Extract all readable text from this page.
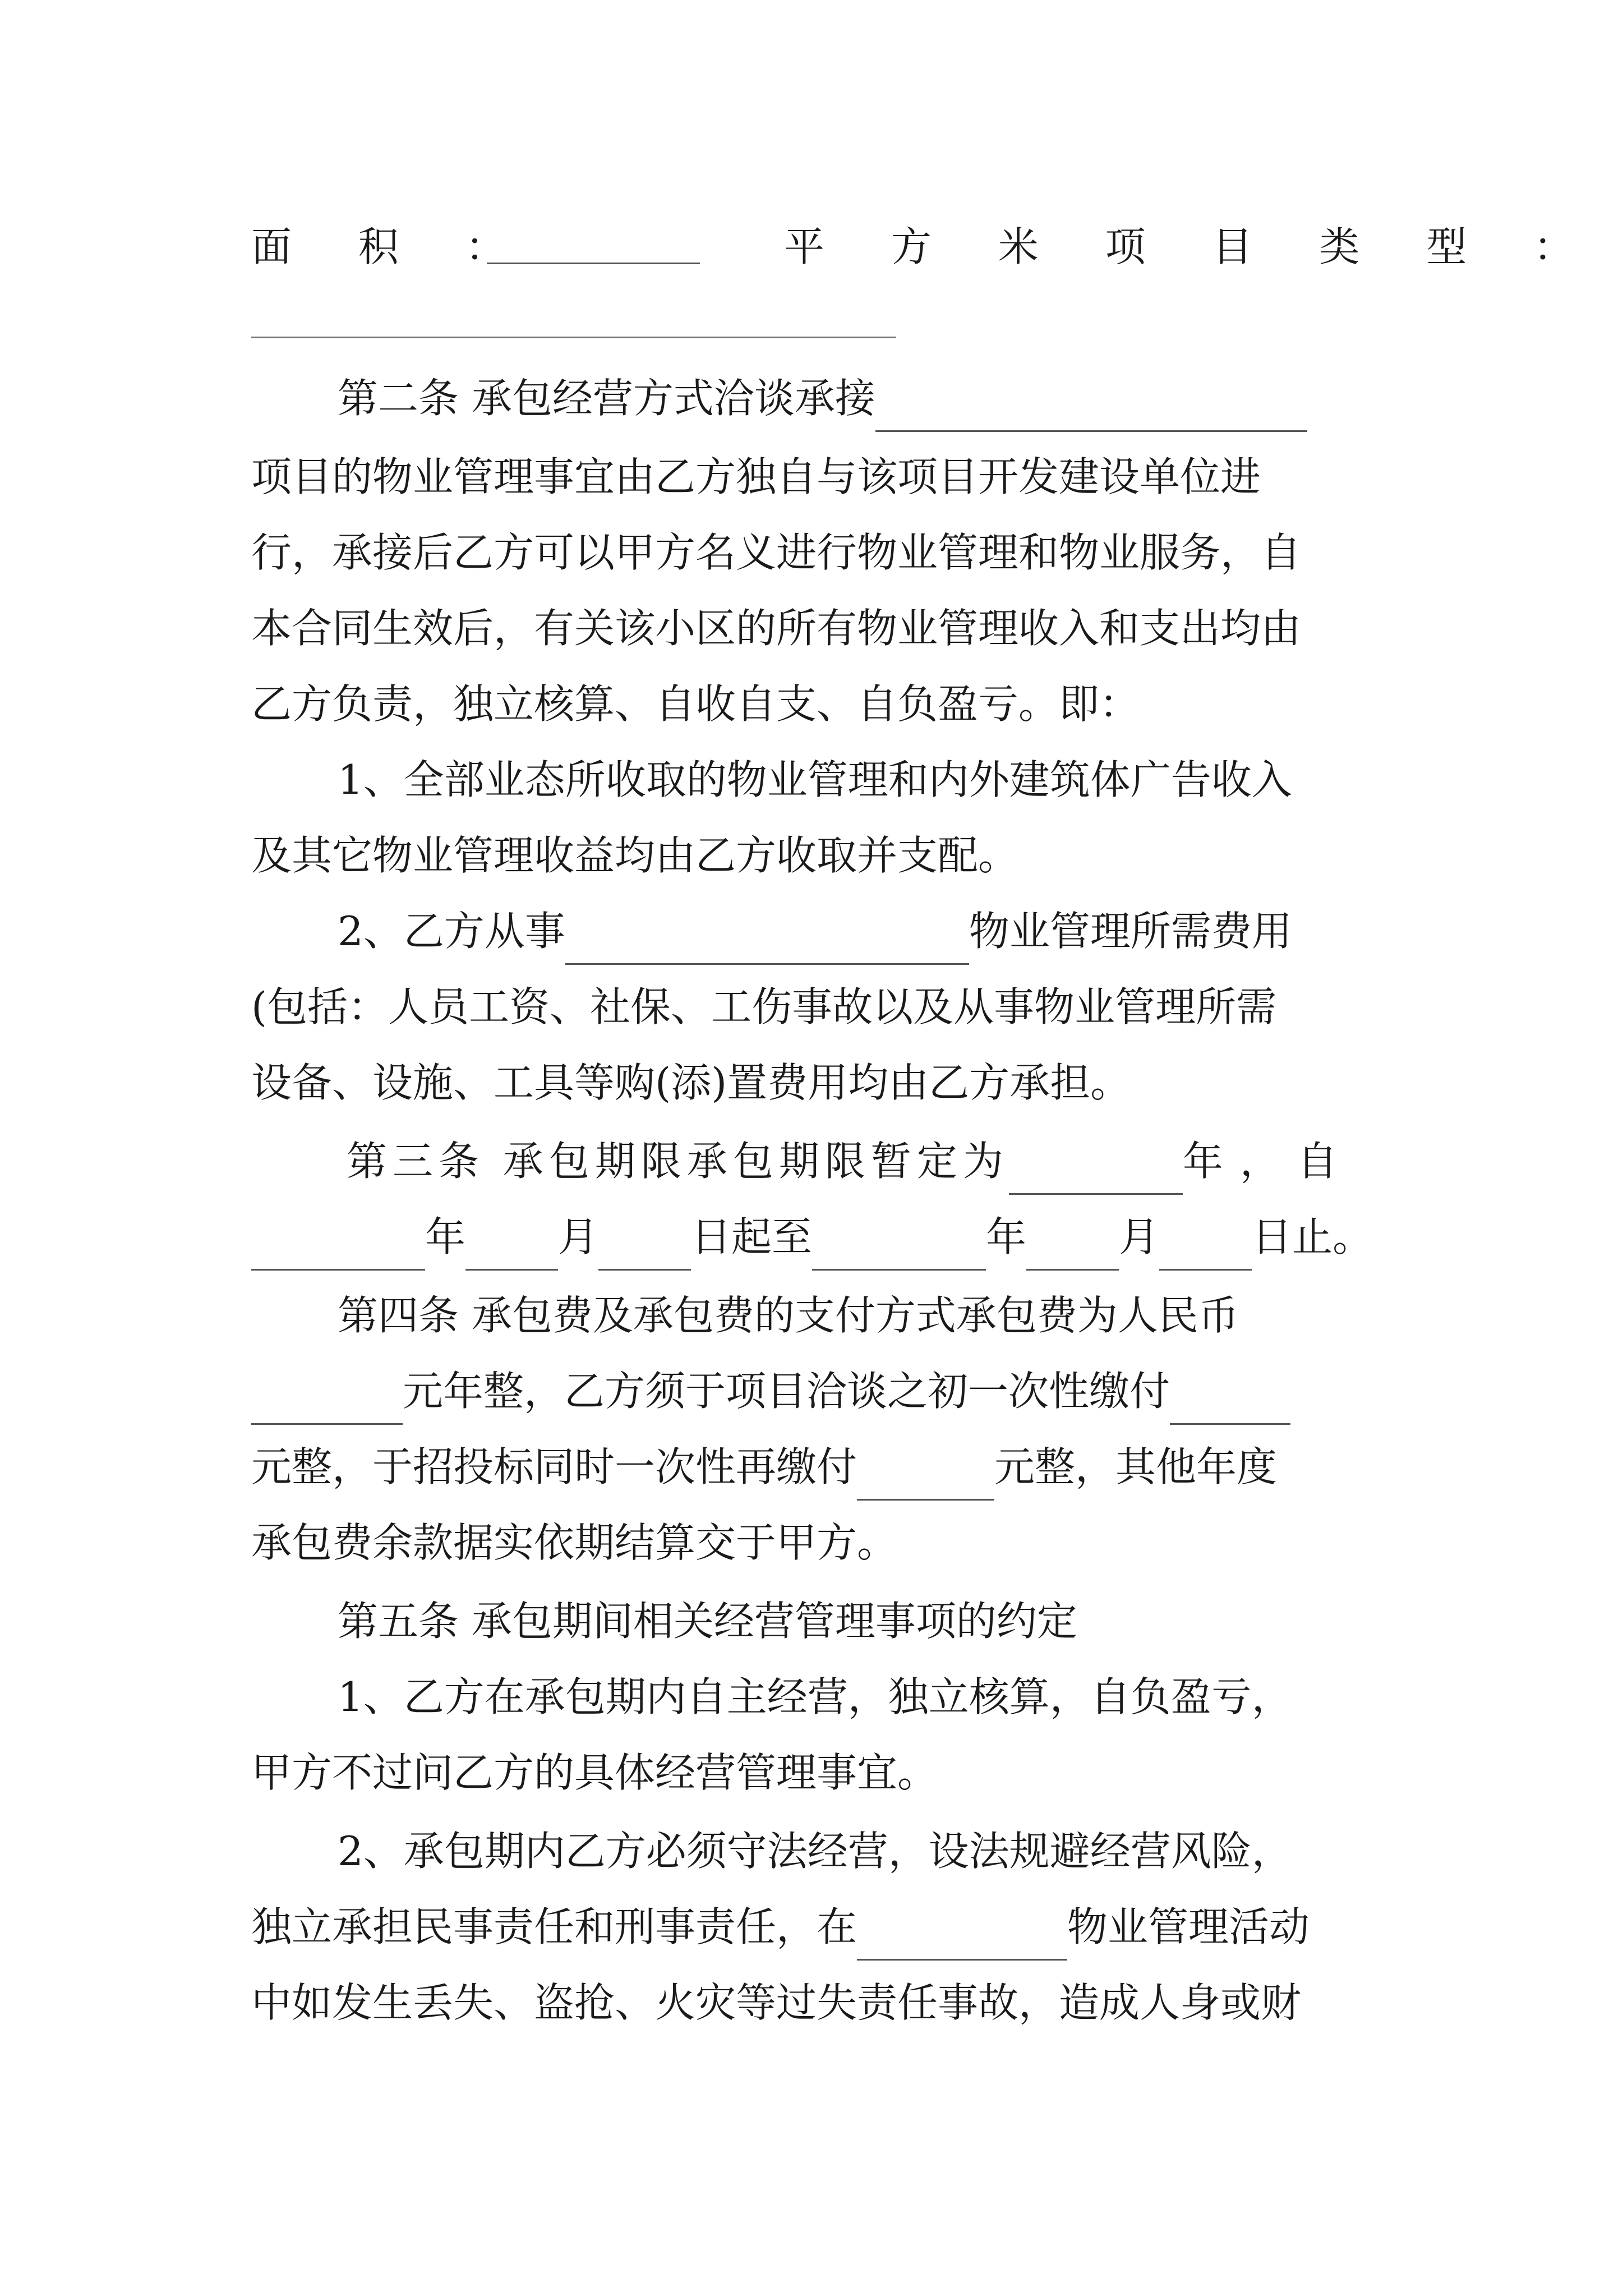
面 积 ：	平 方 米 项 目 类 型 ：
第二条 承包经营方式洽谈承接
项目的物业管理事宜由乙方独自与该项目开发建设单位进
行，承接后乙方可以甲方名义进行物业管理和物业服务，自
本合同生效后，有关该小区的所有物业管理收入和支出均由
乙方负责，独立核算、自收自支、自负盈亏。即：
1、全部业态所收取的物业管理和内外建筑体广告收入
及其它物业管理收益均由乙方收取并支配。
2、乙方从事	物业管理所需费用
(包括：人员工资、社保、工伤事故以及从事物业管理所需
设备、设施、工具等购(添)置费用均由乙方承担。
第三条 承包期限承包期限暂定为	年，自
年 月 日起至	年 月 日止。
第四条 承包费及承包费的支付方式承包费为人民币
元年整，乙方须于项目洽谈之初一次性缴付
元整，于招投标同时一次性再缴付	元整，其他年度
承包费余款据实依期结算交于甲方。
第五条 承包期间相关经营管理事项的约定
1、乙方在承包期内自主经营，独立核算，自负盈亏，
甲方不过问乙方的具体经营管理事宜。
2、承包期内乙方必须守法经营，设法规避经营风险，
独立承担民事责任和刑事责任，在	物业管理活动
中如发生丢失、盗抢、火灾等过失责任事故，造成人身或财
